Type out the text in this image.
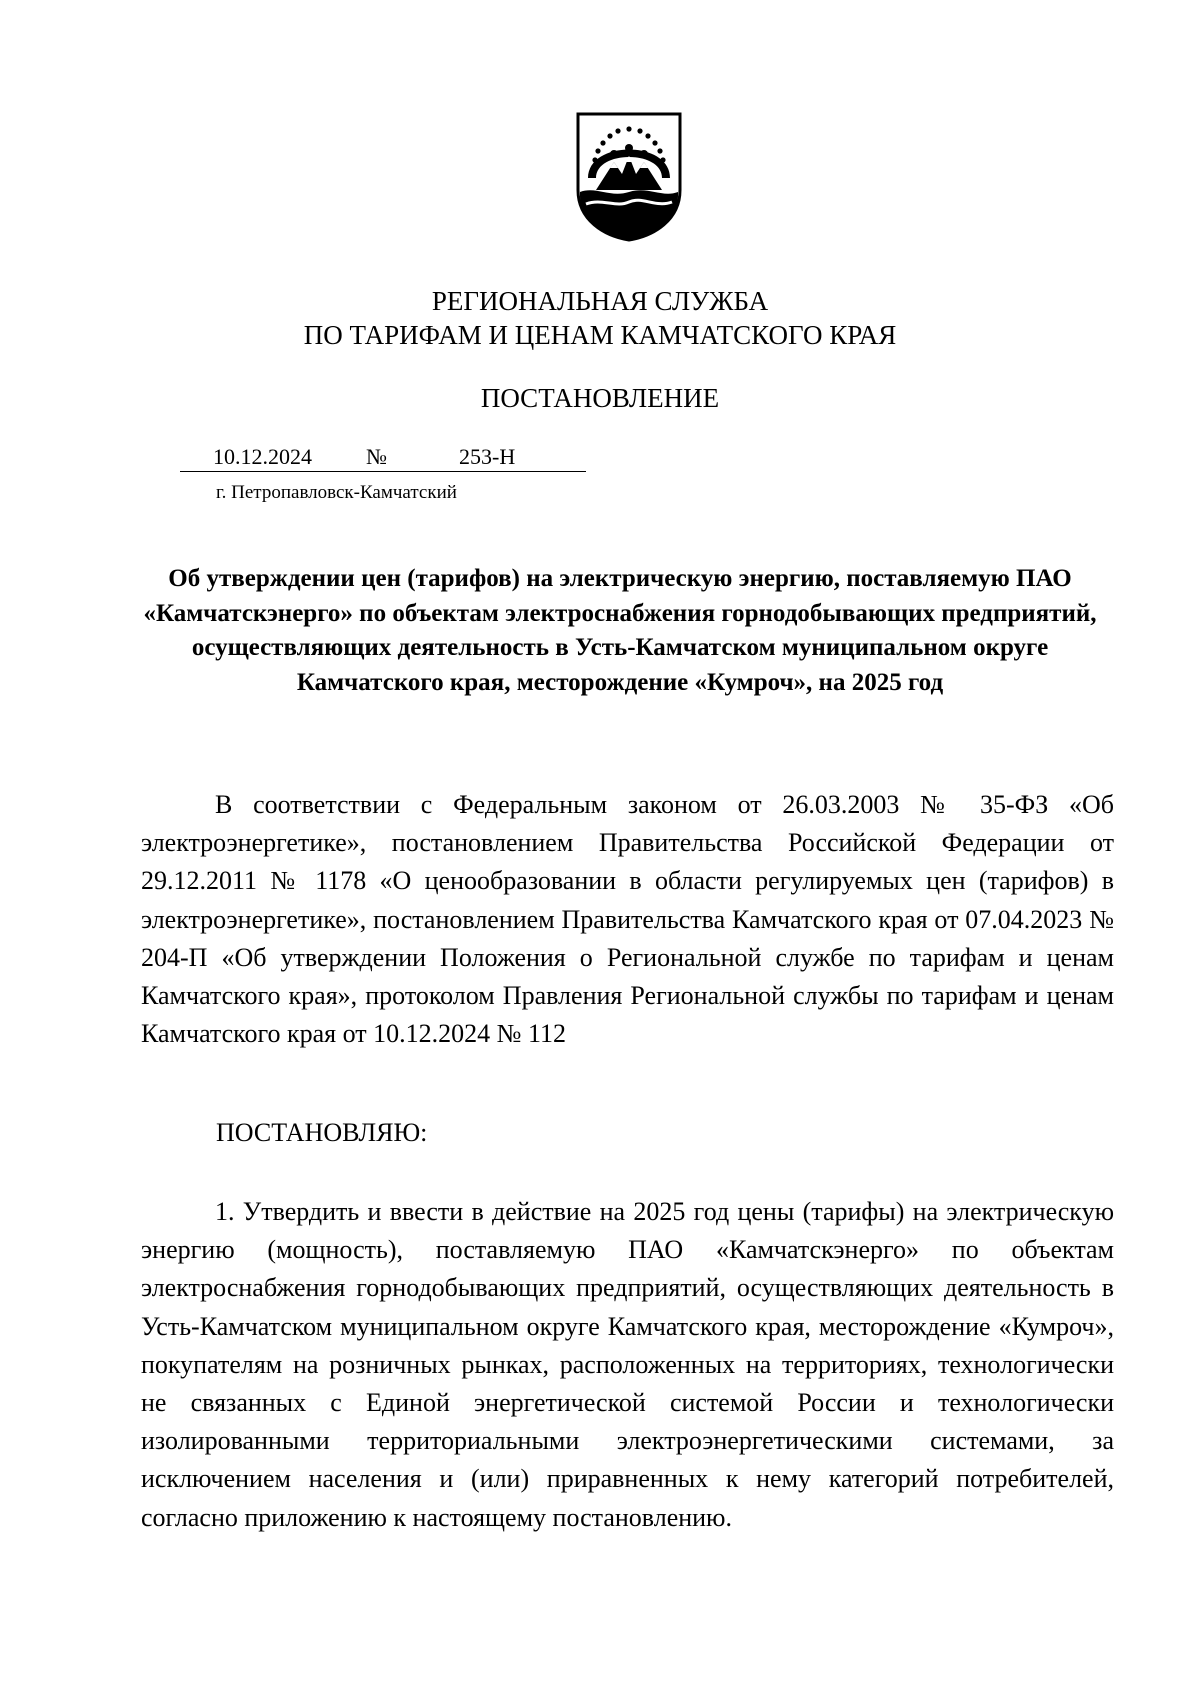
РЕГИОНАЛЬНАЯ СЛУЖБА
ПО ТАРИФАМ И ЦЕНАМ КАМЧАТСКОГО КРАЯ
ПОСТАНОВЛЕНИЕ
10.12.2024 №	253-Н
г. Петропавловск-Камчатский
Об утверждении цен (тарифов) на электрическую энергию, поставляемую ПАО «Камчатскэнерго» по объектам электроснабжения горнодобывающих предприятий, осуществляющих деятельность в Усть-Камчатском муниципальном округе Камчатского края, месторождение «Кумроч», на 2025 год
В соответствии с Федеральным законом от 26.03.2003 № 35-ФЗ «Об электроэнергетике», постановлением Правительства Российской Федерации от 29.12.2011 № 1178 «О ценообразовании в области регулируемых цен (тарифов) в электроэнергетике», постановлением Правительства Камчатского края от 07.04.2023 № 204-П «Об утверждении Положения о Региональной службе по тарифам и ценам Камчатского края», протоколом Правления Региональной службы по тарифам и ценам Камчатского края от 10.12.2024 № 112
ПОСТАНОВЛЯЮ:
1. Утвердить и ввести в действие на 2025 год цены (тарифы) на электрическую энергию (мощность), поставляемую ПАО «Камчатскэнерго» по объектам электроснабжения горнодобывающих предприятий, осуществляющих деятельность в Усть-Камчатском муниципальном округе Камчатского края, месторождение «Кумроч», покупателям на розничных рынках, расположенных на территориях, технологически не связанных с Единой энергетической системой России и технологически изолированными территориальными электроэнергетическими системами, за исключением населения и (или) приравненных к нему категорий потребителей, согласно приложению к настоящему постановлению.
